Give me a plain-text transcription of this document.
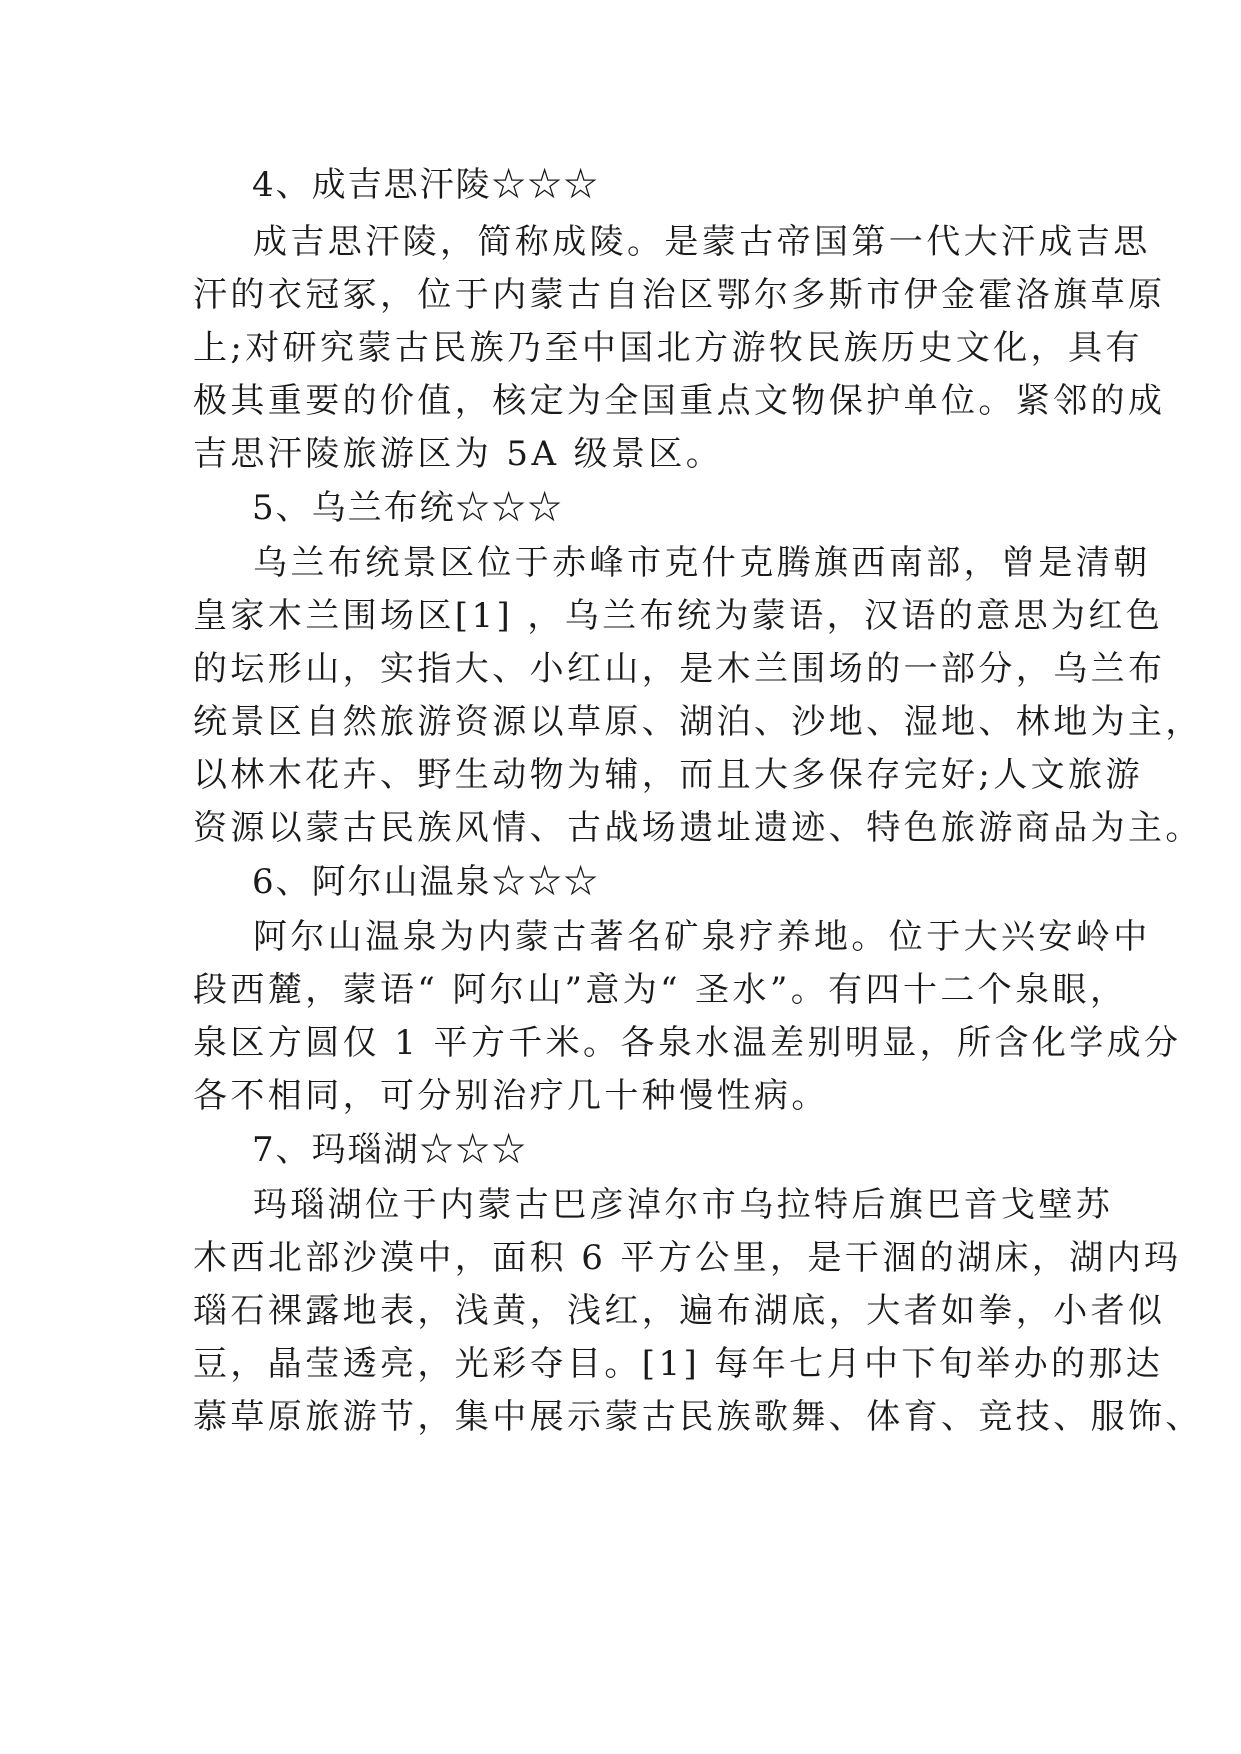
4、成吉思汗陵☆☆☆
成吉思汗陵，简称成陵。是蒙古帝国第一代大汗成吉思
汗的衣冠冢，位于内蒙古自治区鄂尔多斯市伊金霍洛旗草原
上;对研究蒙古民族乃至中国北方游牧民族历史文化，具有
极其重要的价值，核定为全国重点文物保护单位。紧邻的成
吉思汗陵旅游区为 5A 级景区。
5、乌兰布统☆☆☆
乌兰布统景区位于赤峰市克什克腾旗西南部，曾是清朝
皇家木兰围场区[1] ，乌兰布统为蒙语，汉语的意思为红色
的坛形山，实指大、小红山，是木兰围场的一部分，乌兰布
统景区自然旅游资源以草原、湖泊、沙地、湿地、林地为主，
以林木花卉、野生动物为辅，而且大多保存完好;人文旅游
资源以蒙古民族风情、古战场遗址遗迹、特色旅游商品为主。
6、阿尔山温泉☆☆☆
阿尔山温泉为内蒙古著名矿泉疗养地。位于大兴安岭中
段西麓，蒙语“ 阿尔山”意为“ 圣水”。有四十二个泉眼，
泉区方圆仅 1 平方千米。各泉水温差别明显，所含化学成分
各不相同，可分别治疗几十种慢性病。
7、玛瑙湖☆☆☆
玛瑙湖位于内蒙古巴彦淖尔市乌拉特后旗巴音戈壁苏
木西北部沙漠中，面积 6 平方公里，是干涸的湖床，湖内玛
瑙石裸露地表，浅黄，浅红，遍布湖底，大者如拳，小者似
豆，晶莹透亮，光彩夺目。[1] 每年七月中下旬举办的那达
慕草原旅游节，集中展示蒙古民族歌舞、体育、竞技、服饰、
